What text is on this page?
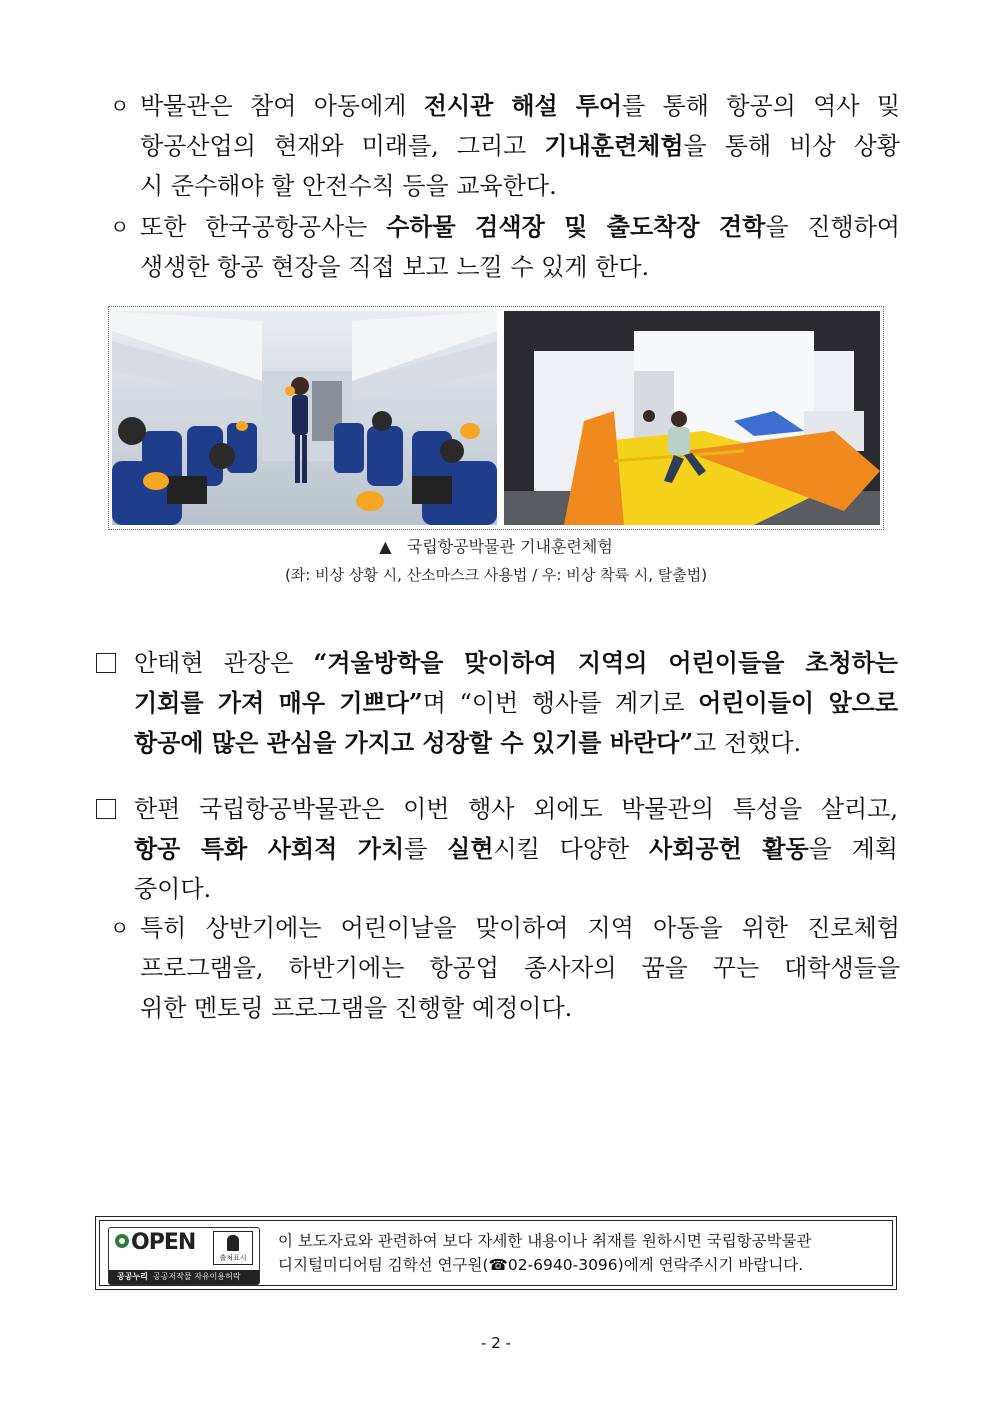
ㅇ 박물관은 참여 아동에게 전시관 해설 투어를 통해 항공의 역사 및
항공산업의 현재와 미래를, 그리고 기내훈련체험을 통해 비상 상황
시 준수해야 할 안전수칙 등을 교육한다.
ㅇ 또한 한국공항공사는 수하물 검색장 및 출도착장 견학을 진행하여
생생한 항공 현장을 직접 보고 느낄 수 있게 한다.
▲ 국립항공박물관 기내훈련체험
(좌: 비상 상황 시, 산소마스크 사용법 / 우: 비상 착륙 시, 탈출법)
안태현 관장은 “겨울방학을 맞이하여 지역의 어린이들을 초청하는
기회를 가져 매우 기쁘다”며 “이번 행사를 계기로 어린이들이 앞으로
항공에 많은 관심을 가지고 성장할 수 있기를 바란다”고 전했다.
한편 국립항공박물관은 이번 행사 외에도 박물관의 특성을 살리고,
항공 특화 사회적 가치를 실현시킬 다양한 사회공헌 활동을 계획
중이다.
ㅇ 특히 상반기에는 어린이날을 맞이하여 지역 아동을 위한 진로체험
프로그램을, 하반기에는 항공업 종사자의 꿈을 꾸는 대학생들을
위한 멘토링 프로그램을 진행할 예정이다.
OPEN
출처표시
공공누리 공공저작물 자유이용허락
이 보도자료와 관련하여 보다 자세한 내용이나 취재를 원하시면 국립항공박물관
디지털미디어팀 김학선 연구원(☎02-6940-3096)에게 연락주시기 바랍니다.
- 2 -
